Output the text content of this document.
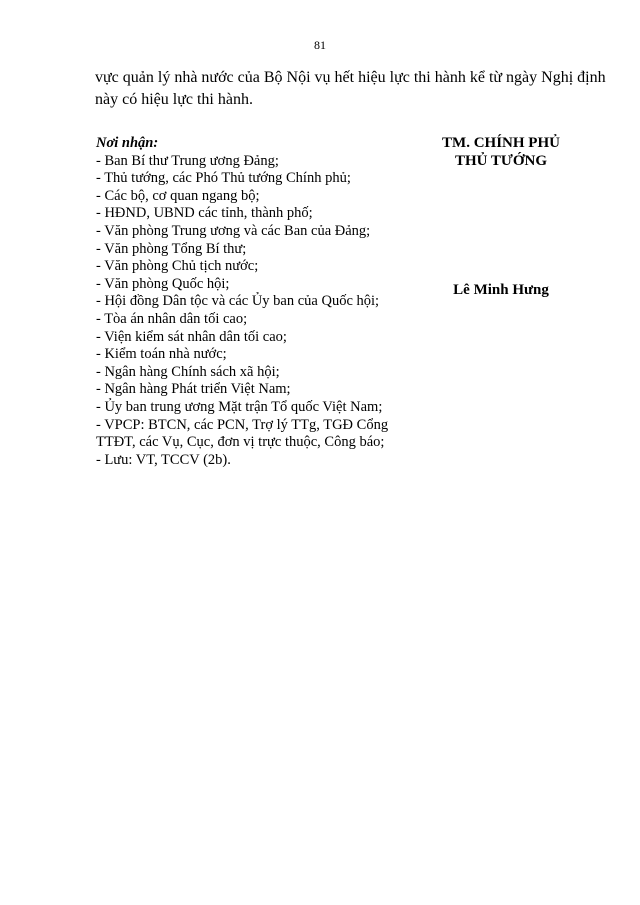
81
vực quản lý nhà nước của Bộ Nội vụ hết hiệu lực thi hành kể từ ngày Nghị định
này có hiệu lực thi hành.
Nơi nhận:
- Ban Bí thư Trung ương Đảng;
- Thủ tướng, các Phó Thủ tướng Chính phủ;
- Các bộ, cơ quan ngang bộ;
- HĐND, UBND các tỉnh, thành phố;
- Văn phòng Trung ương và các Ban của Đảng;
- Văn phòng Tổng Bí thư;
- Văn phòng Chủ tịch nước;
- Văn phòng Quốc hội;
- Hội đồng Dân tộc và các Ủy ban của Quốc hội;
- Tòa án nhân dân tối cao;
- Viện kiểm sát nhân dân tối cao;
- Kiểm toán nhà nước;
- Ngân hàng Chính sách xã hội;
- Ngân hàng Phát triển Việt Nam;
- Ủy ban trung ương Mặt trận Tổ quốc Việt Nam;
- VPCP: BTCN, các PCN, Trợ lý TTg, TGĐ Cổng
TTĐT, các Vụ, Cục, đơn vị trực thuộc, Công báo;
- Lưu: VT, TCCV (2b).
TM. CHÍNH PHỦ
THỦ TƯỚNG
Lê Minh Hưng
